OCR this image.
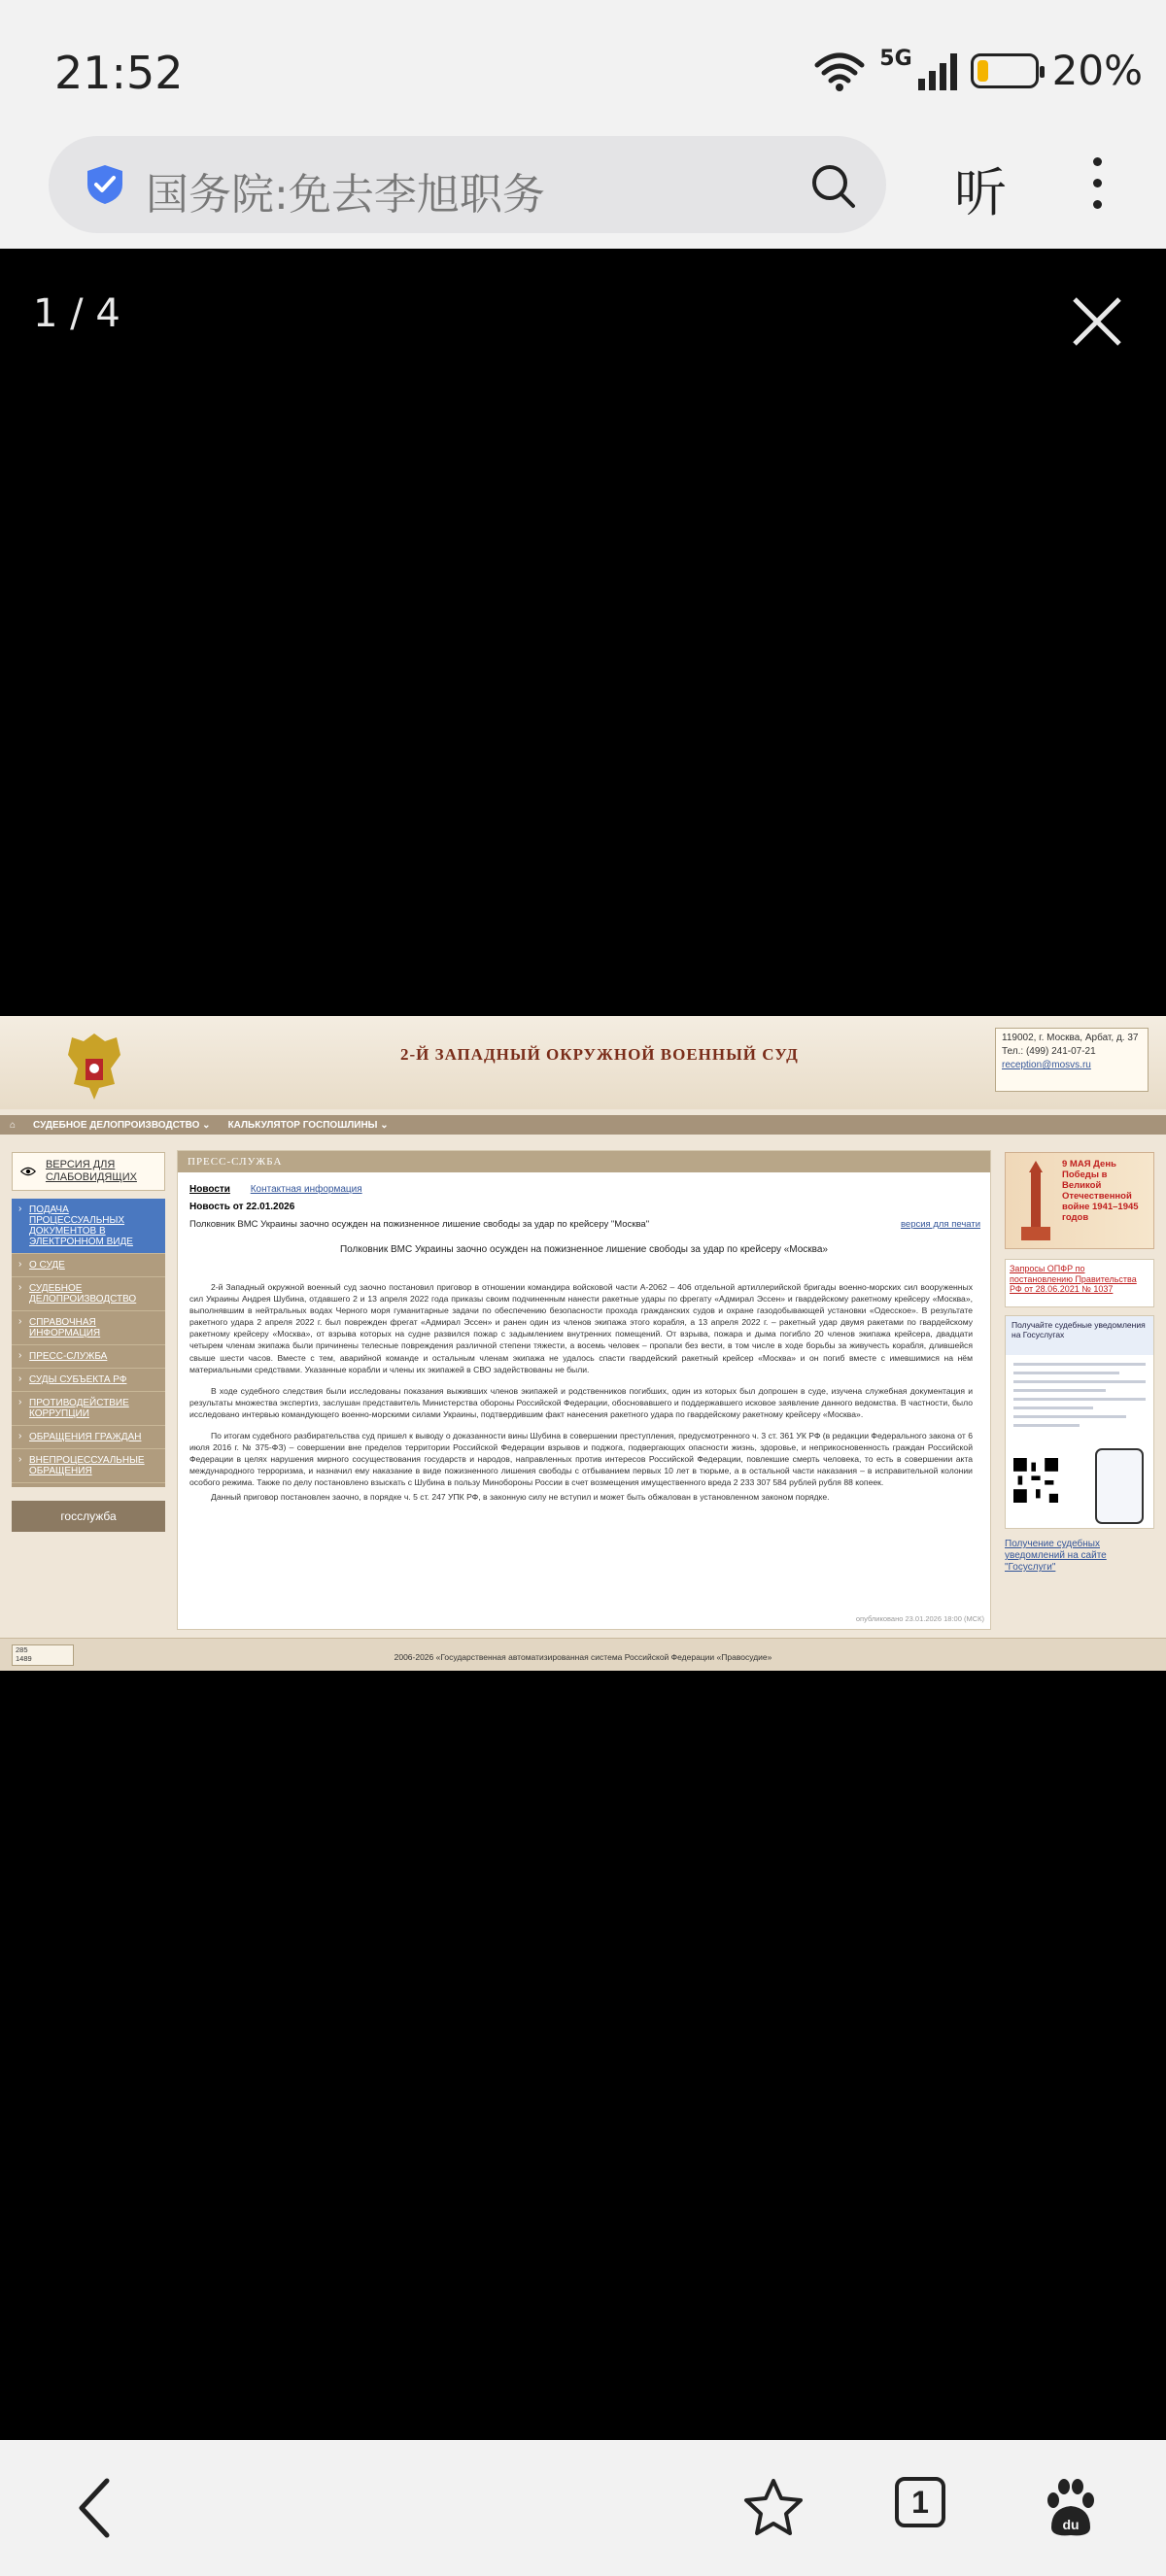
21:52	5G	20%
国务院:免去李旭职务	听
1 / 4
2-Й ЗАПАДНЫЙ ОКРУЖНОЙ ВОЕННЫЙ СУД
119002, г. Москва, Арбат, д. 37
Тел.: (499) 241-07-21
reception@mosvs.ru
⌂ СУДЕБНОЕ ДЕЛОПРОИЗВОДСТВО ⌄ КАЛЬКУЛЯТОР ГОСПОШЛИНЫ ⌄
ВЕРСИЯ ДЛЯ СЛАБОВИДЯЩИХ
› ПОДАЧА ПРОЦЕССУАЛЬНЫХ ДОКУМЕНТОВ В ЭЛЕКТРОННОМ ВИДЕ
› О СУДЕ
› СУДЕБНОЕ ДЕЛОПРОИЗВОДСТВО
› СПРАВОЧНАЯ ИНФОРМАЦИЯ
› ПРЕСС-СЛУЖБА
› СУДЫ СУБЪЕКТА РФ
› ПРОТИВОДЕЙСТВИЕ КОРРУПЦИИ
› ОБРАЩЕНИЯ ГРАЖДАН
› ВНЕПРОЦЕССУАЛЬНЫЕ ОБРАЩЕНИЯ
госслужба
ПРЕСС-СЛУЖБА
Новости Контактная информация
Новость от 22.01.2026
Полковник ВМС Украины заочно осужден на пожизненное лишение свободы за удар по крейсеру "Москва"	версия для печати
Полковник ВМС Украины заочно осужден на пожизненное лишение свободы за удар по крейсеру «Москва»

2-й Западный окружной военный суд заочно постановил приговор в отношении командира войсковой части А-2062 – 406 отдельной артиллерийской бригады военно-морских сил вооруженных сил Украины Андрея Шубина, отдавшего 2 и 13 апреля 2022 года приказы своим подчиненным нанести ракетные удары по фрегату «Адмирал Эссен» и гвардейскому ракетному крейсеру «Москва», выполнявшим в нейтральных водах Черного моря гуманитарные задачи по обеспечению безопасности прохода гражданских судов и охране газодобывающей установки «Одесское». В результате ракетного удара 2 апреля 2022 г. был поврежден фрегат «Адмирал Эссен» и ранен один из членов экипажа этого корабля, а 13 апреля 2022 г. – ракетный удар двумя ракетами по гвардейскому ракетному крейсеру «Москва», от взрыва которых на судне развился пожар с задымлением внутренних помещений. От взрыва, пожара и дыма погибло 20 членов экипажа крейсера, двадцати четырем членам экипажа были причинены телесные повреждения различной степени тяжести, а восемь человек – пропали без вести, в том числе в ходе борьбы за живучесть корабля, длившейся свыше шести часов. Вместе с тем, аварийной команде и остальным членам экипажа не удалось спасти гвардейский ракетный крейсер «Москва» и он погиб вместе с имевшимися на нём материальными средствами. Указанные корабли и члены их экипажей в СВО задействованы не были.

В ходе судебного следствия были исследованы показания выживших членов экипажей и родственников погибших, один из которых был допрошен в суде, изучена служебная документация и результаты множества экспертиз, заслушан представитель Министерства обороны Российской Федерации, обосновавшего и поддержавшего исковое заявление данного ведомства. В частности, было исследовано интервью командующего военно-морскими силами Украины, подтвердившим факт нанесения ракетного удара по гвардейскому ракетному крейсеру «Москва».

По итогам судебного разбирательства суд пришел к выводу о доказанности вины Шубина в совершении преступления, предусмотренного ч. 3 ст. 361 УК РФ (в редакции Федерального закона от 6 июля 2016 г. № 375-ФЗ) – совершении вне пределов территории Российской Федерации взрывов и поджога, подвергающих опасности жизнь, здоровье, и неприкосновенность граждан Российской Федерации в целях нарушения мирного сосуществования государств и народов, направленных против интересов Российской Федерации, повлекшие смерть человека, то есть в совершении акта международного терроризма, и назначил ему наказание в виде пожизненного лишения свободы с отбыванием первых 10 лет в тюрьме, а в остальной части наказания – в исправительной колонии особого режима. Также по делу постановлено взыскать с Шубина в пользу Минобороны России в счет возмещения имущественного вреда 2 233 307 584 рублей рубля 88 копеек.

Данный приговор постановлен заочно, в порядке ч. 5 ст. 247 УПК РФ, в законную силу не вступил и может быть обжалован в установленном законом порядке.

опубликовано 23.01.2026 18:00 (МСК)
9 МАЯ День Победы в Великой Отечественной войне 1941–1945 годов
Запросы ОПФР по постановлению Правительства РФ от 28.06.2021 № 1037
Получайте судебные уведомления на Госуслугах
Получение судебных уведомлений на сайте "Госуслуги"
285
1489	2006-2026 «Государственная автоматизированная система Российской Федерации «Правосудие»
1
du
